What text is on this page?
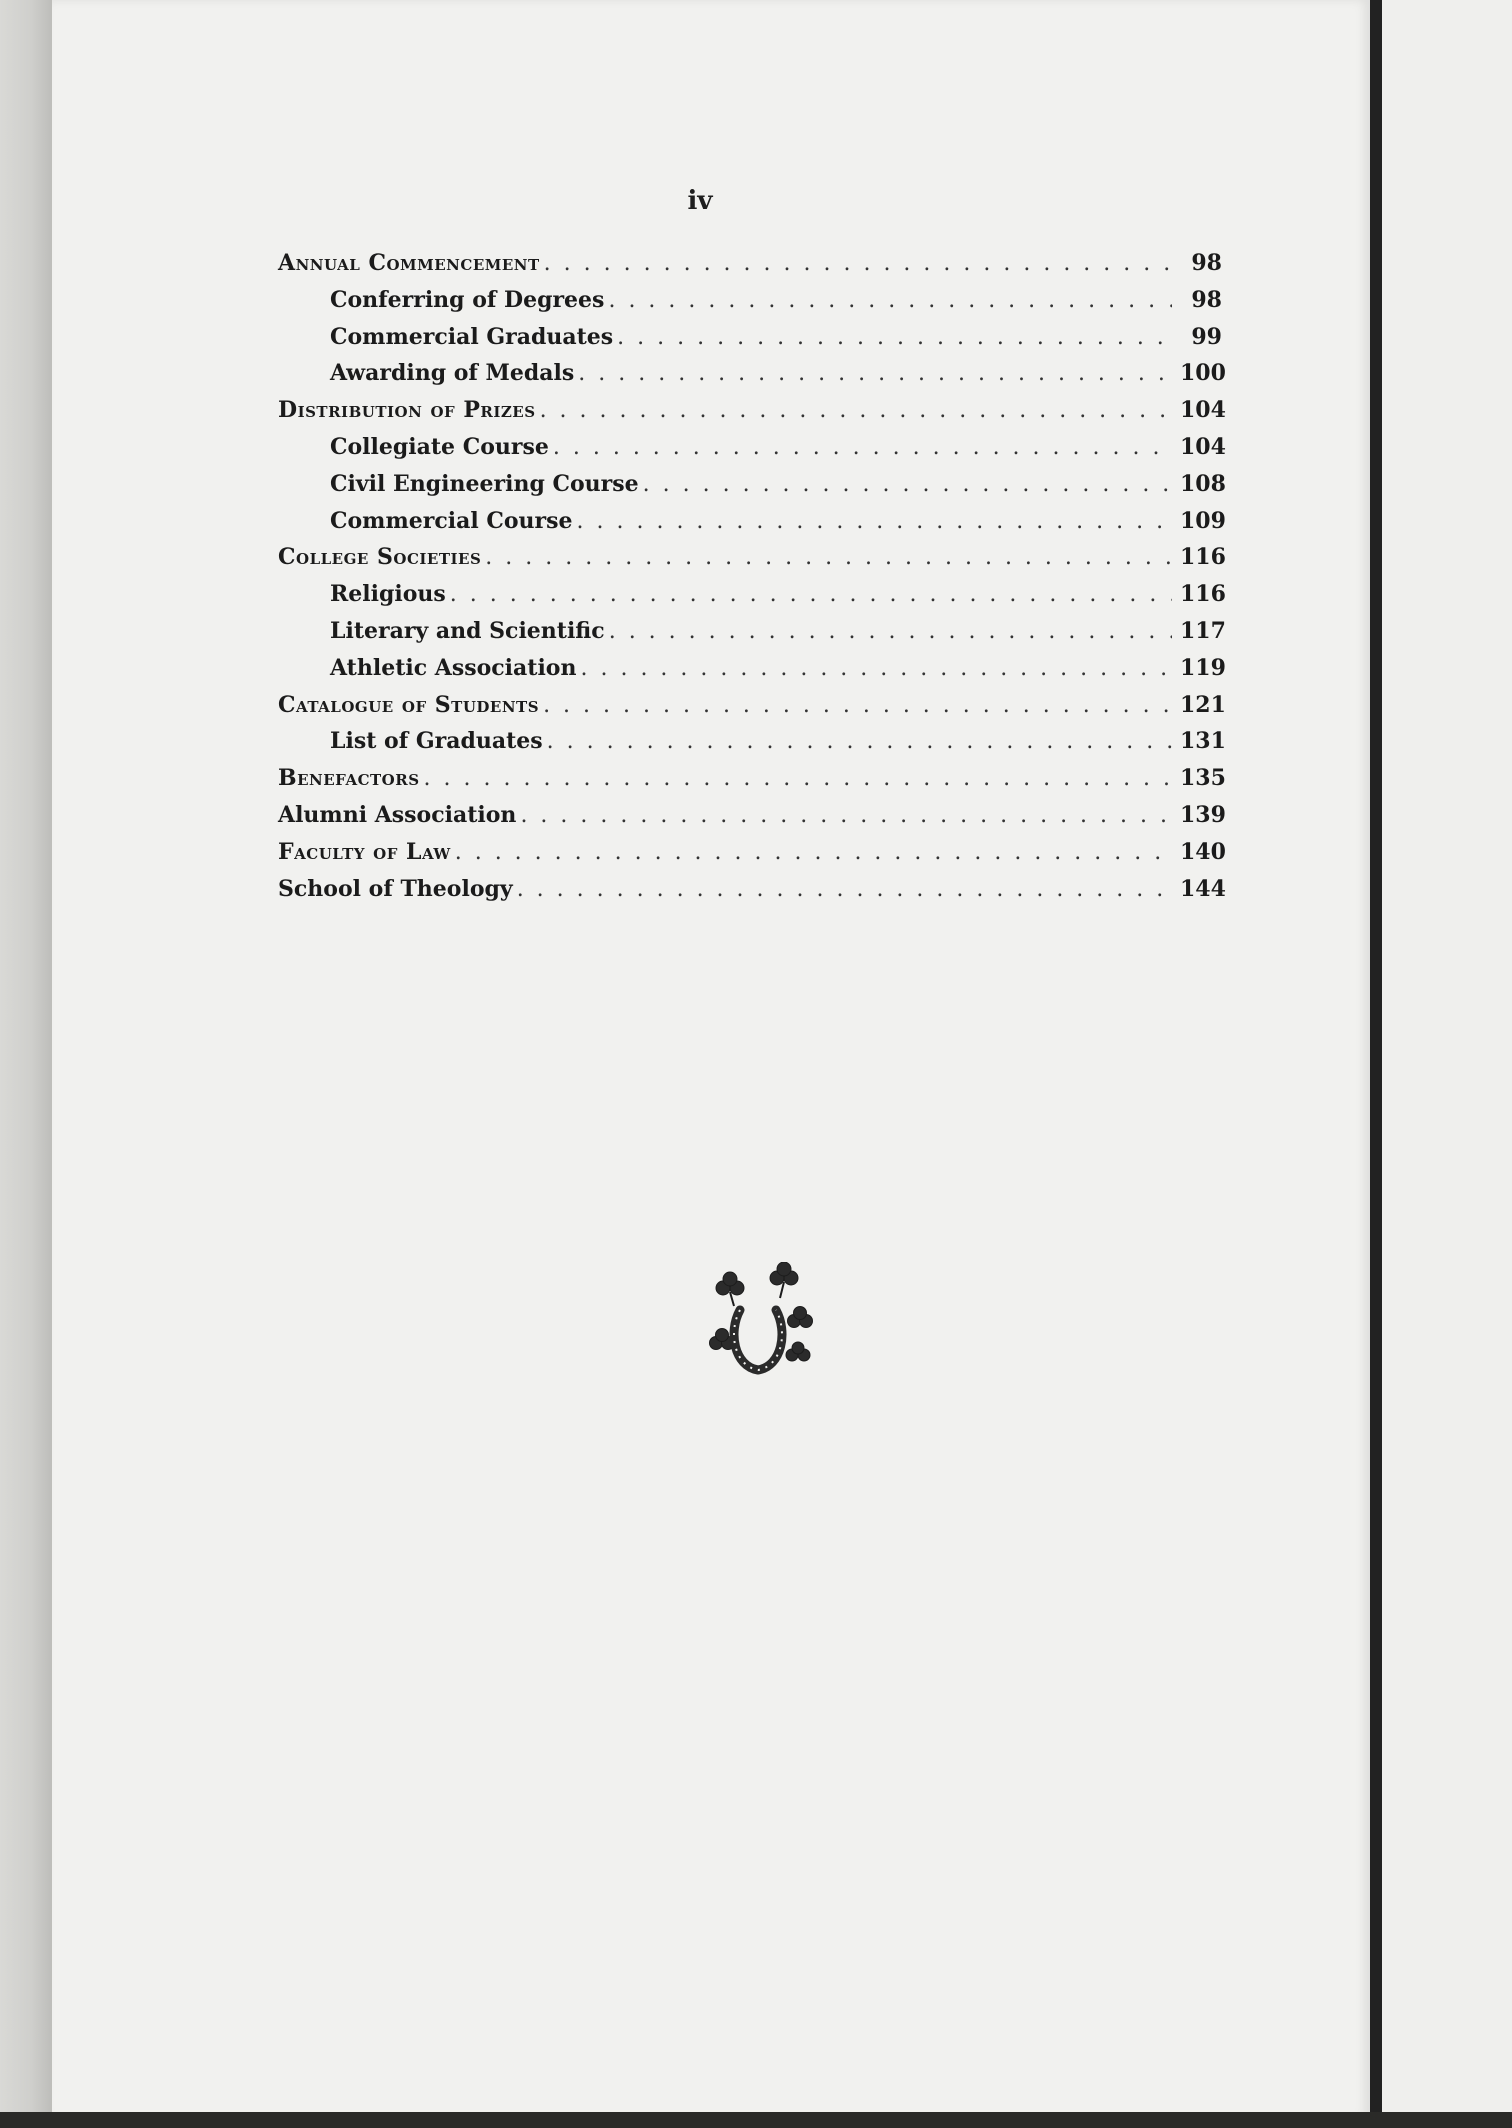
iv
Annual Commencement . . .	98
Conferring of Degrees . . .	98
Commercial Graduates . . .	99
Awarding of Medals . . .	100
Distribution of Prizes . . .	104
Collegiate Course . . .	104
Civil Engineering Course . . .	108
Commercial Course . . .	109
College Societies . . .	116
Religious . . .	116
Literary and Scientific . . .	117
Athletic Association . . .	119
Catalogue of Students . . .	121
List of Graduates . . .	131
Benefactors . . .	135
Alumni Association . . .	139
Faculty of Law . . .	140
School of Theology . . .	144
